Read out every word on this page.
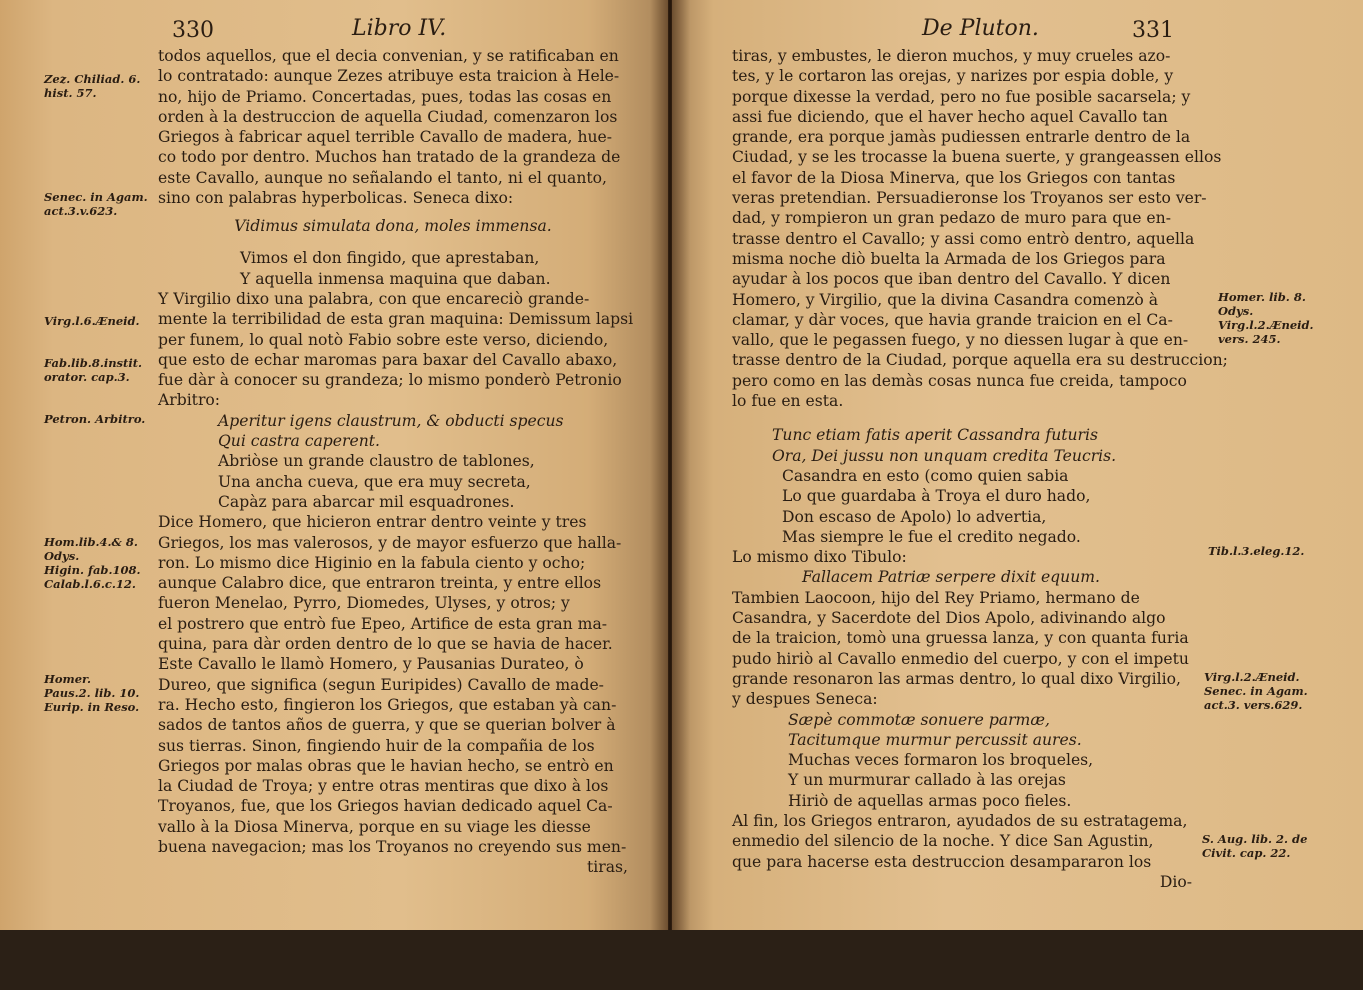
330	Libro IV.
todos aquellos, que el decia convenian, y se ratificaban en
lo contratado: aunque Zezes atribuye esta traicion à Hele-
no, hijo de Priamo. Concertadas, pues, todas las cosas en
orden à la destruccion de aquella Ciudad, comenzaron los
Griegos à fabricar aquel terrible Cavallo de madera, hue-
co todo por dentro. Muchos han tratado de la grandeza de
este Cavallo, aunque no señalando el tanto, ni el quanto,
sino con palabras hyperbolicas. Seneca dixo:
Vidimus simulata dona, moles immensa.
Vimos el don fingido, que aprestaban,
Y aquella inmensa maquina que daban.
Y Virgilio dixo una palabra, con que encareciò grande-
mente la terribilidad de esta gran maquina: Demissum lapsi
per funem, lo qual notò Fabio sobre este verso, diciendo,
que esto de echar maromas para baxar del Cavallo abaxo,
fue dàr à conocer su grandeza; lo mismo ponderò Petronio
Arbitro:
Aperitur igens claustrum, & obducti specus
Qui castra caperent.
Abriòse un grande claustro de tablones,
Una ancha cueva, que era muy secreta,
Capàz para abarcar mil esquadrones.
Dice Homero, que hicieron entrar dentro veinte y tres
Griegos, los mas valerosos, y de mayor esfuerzo que halla-
ron. Lo mismo dice Higinio en la fabula ciento y ocho;
aunque Calabro dice, que entraron treinta, y entre ellos
fueron Menelao, Pyrro, Diomedes, Ulyses, y otros; y
el postrero que entrò fue Epeo, Artifice de esta gran ma-
quina, para dàr orden dentro de lo que se havia de hacer.
Este Cavallo le llamò Homero, y Pausanias Durateo, ò
Dureo, que significa (segun Euripides) Cavallo de made-
ra. Hecho esto, fingieron los Griegos, que estaban yà can-
sados de tantos años de guerra, y que se querian bolver à
sus tierras. Sinon, fingiendo huir de la compañia de los
Griegos por malas obras que le havian hecho, se entrò en
la Ciudad de Troya; y entre otras mentiras que dixo à los
Troyanos, fue, que los Griegos havian dedicado aquel Ca-
vallo à la Diosa Minerva, porque en su viage les diesse
buena navegacion; mas los Troyanos no creyendo sus men-
tiras,
Zez. Chiliad. 6.
hist. 57.
Senec. in Agam.
act.3.v.623.
Virg.l.6.Æneid.
Fab.lib.8.instit.
orator. cap.3.
Petron. Arbitro.
Hom.lib.4.& 8.
Odys.
Higin. fab.108.
Calab.l.6.c.12.
Homer.
Paus.2. lib. 10.
Eurip. in Reso.
De Pluton.	331
tiras, y embustes, le dieron muchos, y muy crueles azo-
tes, y le cortaron las orejas, y narizes por espia doble, y
porque dixesse la verdad, pero no fue posible sacarsela; y
assi fue diciendo, que el haver hecho aquel Cavallo tan
grande, era porque jamàs pudiessen entrarle dentro de la
Ciudad, y se les trocasse la buena suerte, y grangeassen ellos
el favor de la Diosa Minerva, que los Griegos con tantas
veras pretendian. Persuadieronse los Troyanos ser esto ver-
dad, y rompieron un gran pedazo de muro para que en-
trasse dentro el Cavallo; y assi como entrò dentro, aquella
misma noche diò buelta la Armada de los Griegos para
ayudar à los pocos que iban dentro del Cavallo. Y dicen
Homero, y Virgilio, que la divina Casandra comenzò à
clamar, y dàr voces, que havia grande traicion en el Ca-
vallo, que le pegassen fuego, y no diessen lugar à que en-
trasse dentro de la Ciudad, porque aquella era su destruccion;
pero como en las demàs cosas nunca fue creida, tampoco
lo fue en esta.
Tunc etiam fatis aperit Cassandra futuris
Ora, Dei jussu non unquam credita Teucris.
Casandra en esto (como quien sabia
Lo que guardaba à Troya el duro hado,
Don escaso de Apolo) lo advertia,
Mas siempre le fue el credito negado.
Lo mismo dixo Tibulo:
Fallacem Patriæ serpere dixit equum.
Tambien Laocoon, hijo del Rey Priamo, hermano de
Casandra, y Sacerdote del Dios Apolo, adivinando algo
de la traicion, tomò una gruessa lanza, y con quanta furia
pudo hiriò al Cavallo enmedio del cuerpo, y con el impetu
grande resonaron las armas dentro, lo qual dixo Virgilio,
y despues Seneca:
Sæpè commotæ sonuere parmæ,
Tacitumque murmur percussit aures.
Muchas veces formaron los broqueles,
Y un murmurar callado à las orejas
Hiriò de aquellas armas poco fieles.
Al fin, los Griegos entraron, ayudados de su estratagema,
enmedio del silencio de la noche. Y dice San Agustin,
que para hacerse esta destruccion desampararon los
Dio-
Homer. lib. 8.
Odys.
Virg.l.2.Æneid.
vers. 245.
Tib.l.3.eleg.12.
Virg.l.2.Æneid.
Senec. in Agam.
act.3. vers.629.
S. Aug. lib. 2. de
Civit. cap. 22.
